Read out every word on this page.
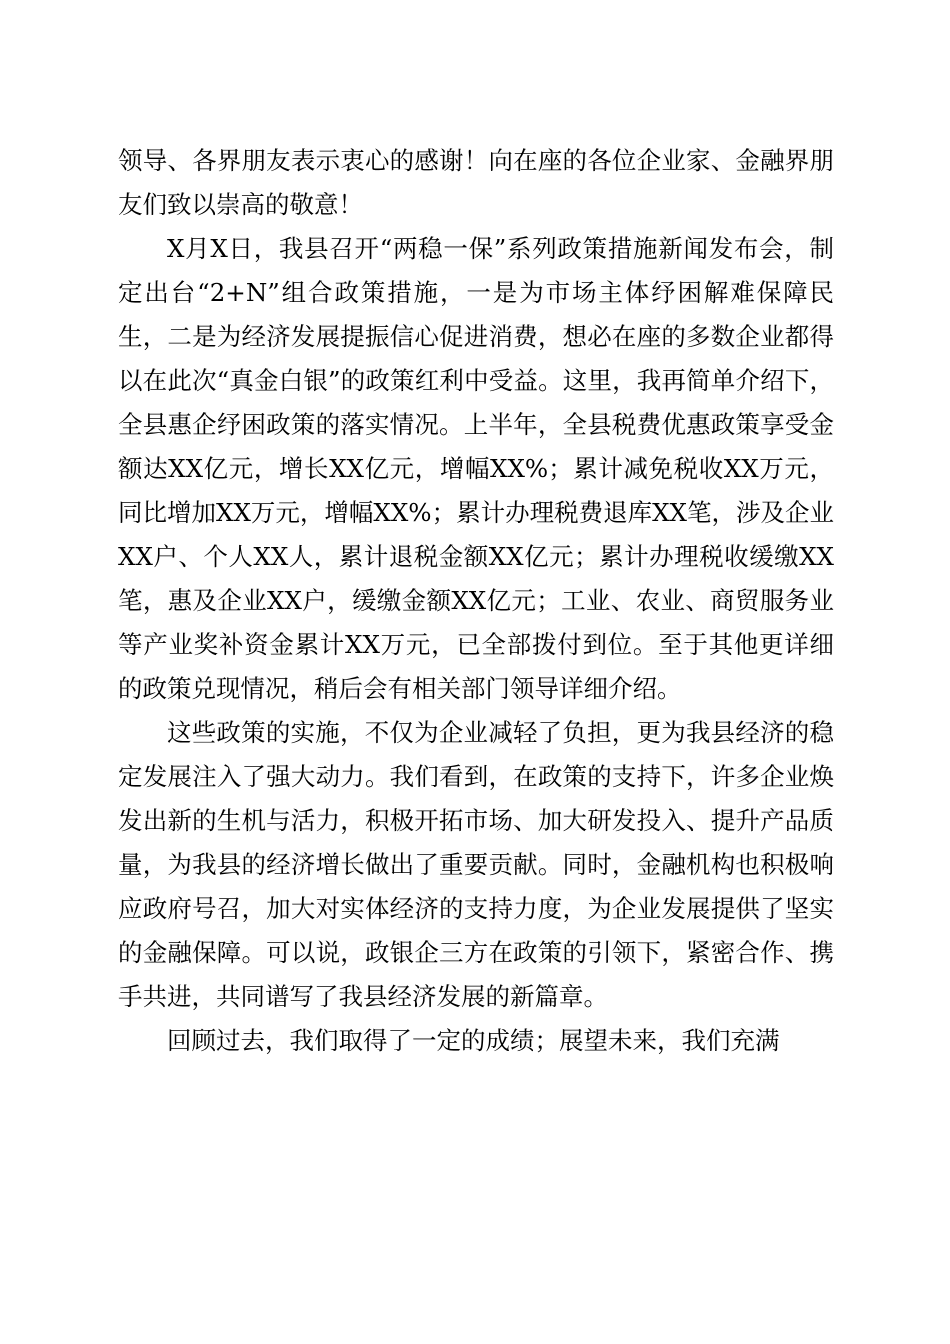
领导、各界朋友表示衷心的感谢！向在座的各位企业家、金融界朋友们致以崇高的敬意！

X月X日，我县召开“两稳一保”系列政策措施新闻发布会，制定出台“2+N”组合政策措施，一是为市场主体纾困解难保障民生，二是为经济发展提振信心促进消费，想必在座的多数企业都得以在此次“真金白银”的政策红利中受益。这里，我再简单介绍下，全县惠企纾困政策的落实情况。上半年，全县税费优惠政策享受金额达XX亿元，增长XX亿元，增幅XX%；累计减免税收XX万元，同比增加XX万元，增幅XX%；累计办理税费退库XX笔，涉及企业XX户、个人XX人，累计退税金额XX亿元；累计办理税收缓缴XX笔，惠及企业XX户，缓缴金额XX亿元；工业、农业、商贸服务业等产业奖补资金累计XX万元，已全部拨付到位。至于其他更详细的政策兑现情况，稍后会有相关部门领导详细介绍。

这些政策的实施，不仅为企业减轻了负担，更为我县经济的稳定发展注入了强大动力。我们看到，在政策的支持下，许多企业焕发出新的生机与活力，积极开拓市场、加大研发投入、提升产品质量，为我县的经济增长做出了重要贡献。同时，金融机构也积极响应政府号召，加大对实体经济的支持力度，为企业发展提供了坚实的金融保障。可以说，政银企三方在政策的引领下，紧密合作、携手共进，共同谱写了我县经济发展的新篇章。

回顾过去，我们取得了一定的成绩；展望未来，我们充满
